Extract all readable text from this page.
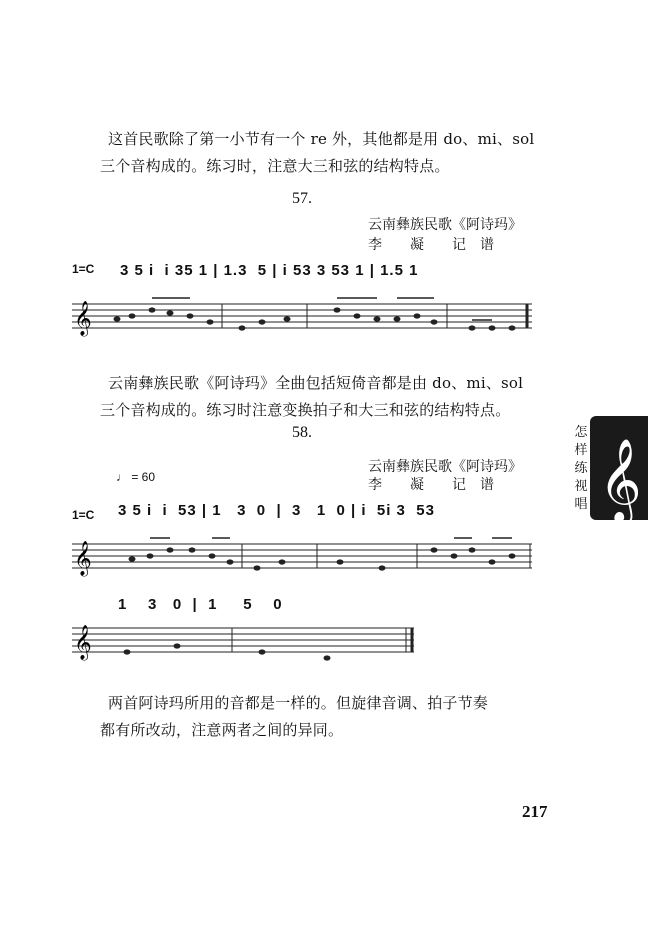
这首民歌除了第一小节有一个 re 外，其他都是用 do、mi、sol
三个音构成的。练习时，注意大三和弦的结构特点。
57.
云南彝族民歌《阿诗玛》
李　　凝　　记　谱
1=C 3 5 i  i 35 1 | 1.3  5 | i 53 3 53 1 | 1.5 1
𝄞
云南彝族民歌《阿诗玛》全曲包括短倚音都是由 do、mi、sol
三个音构成的。练习时注意变换拍子和大三和弦的结构特点。
58.
云南彝族民歌《阿诗玛》
李　　凝　　记　谱
♩ = 60
1=C 3 5 i  i  53 | 1   3  0  |  3   1  0 | i  5i 3  53
𝄞
1    3   0  |  1     5    0
𝄞
两首阿诗玛所用的音都是一样的。但旋律音调、拍子节奏
都有所改动，注意两者之间的异同。
怎
样
练
视
唱 𝄞
217
